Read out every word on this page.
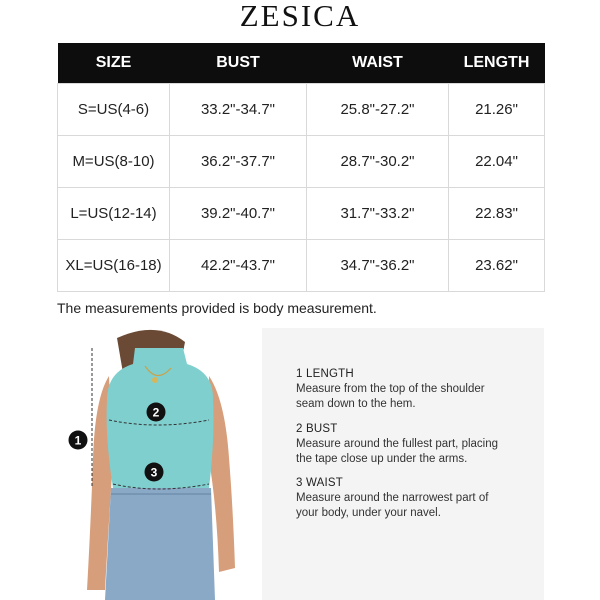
ZESICA
SIZE	BUST	WAIST	LENGTH
S=US(4-6)	33.2"-34.7"	25.8"-27.2"	21.26"
M=US(8-10)	36.2"-37.7"	28.7"-30.2"	22.04"
L=US(12-14)	39.2"-40.7"	31.7"-33.2"	22.83"
XL=US(16-18)	42.2"-43.7"	34.7"-36.2"	23.62"
The measurements provided is body measurement.
1
2
3
1 LENGTH
Measure from the top of the shoulder
seam down to the hem.
2 BUST
Measure around the fullest part, placing
the tape close up under the arms.
3 WAIST
Measure around the narrowest part of
your body, under your navel.
